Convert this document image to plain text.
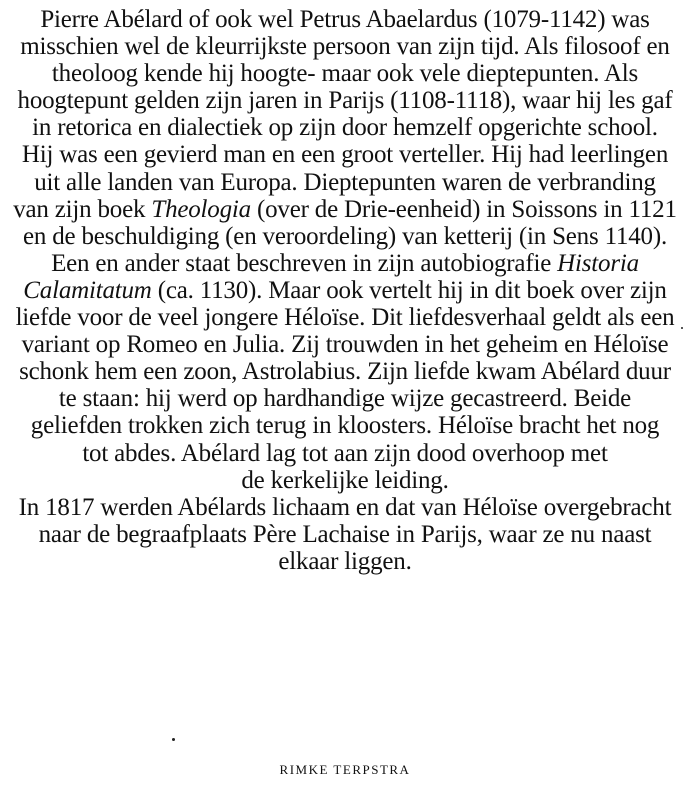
Pierre Abélard of ook wel Petrus Abaelardus (1079-1142) was
misschien wel de kleurrijkste persoon van zijn tijd. Als filosoof en
theoloog kende hij hoogte- maar ook vele dieptepunten. Als
hoogtepunt gelden zijn jaren in Parijs (1108-1118), waar hij les gaf
in retorica en dialectiek op zijn door hemzelf opgerichte school.
Hij was een gevierd man en een groot verteller. Hij had leerlingen
uit alle landen van Europa. Dieptepunten waren de verbranding
van zijn boek Theologia (over de Drie-eenheid) in Soissons in 1121
en de beschuldiging (en veroordeling) van ketterij (in Sens 1140).
Een en ander staat beschreven in zijn autobiografie Historia
Calamitatum (ca. 1130). Maar ook vertelt hij in dit boek over zijn
liefde voor de veel jongere Héloïse. Dit liefdesverhaal geldt als een
variant op Romeo en Julia. Zij trouwden in het geheim en Héloïse
schonk hem een zoon, Astrolabius. Zijn liefde kwam Abélard duur
te staan: hij werd op hardhandige wijze gecastreerd. Beide
geliefden trokken zich terug in kloosters. Héloïse bracht het nog
tot abdes. Abélard lag tot aan zijn dood overhoop met
de kerkelijke leiding.
In 1817 werden Abélards lichaam en dat van Héloïse overgebracht
naar de begraafplaats Père Lachaise in Parijs, waar ze nu naast
elkaar liggen.
RIMKE TERPSTRA
